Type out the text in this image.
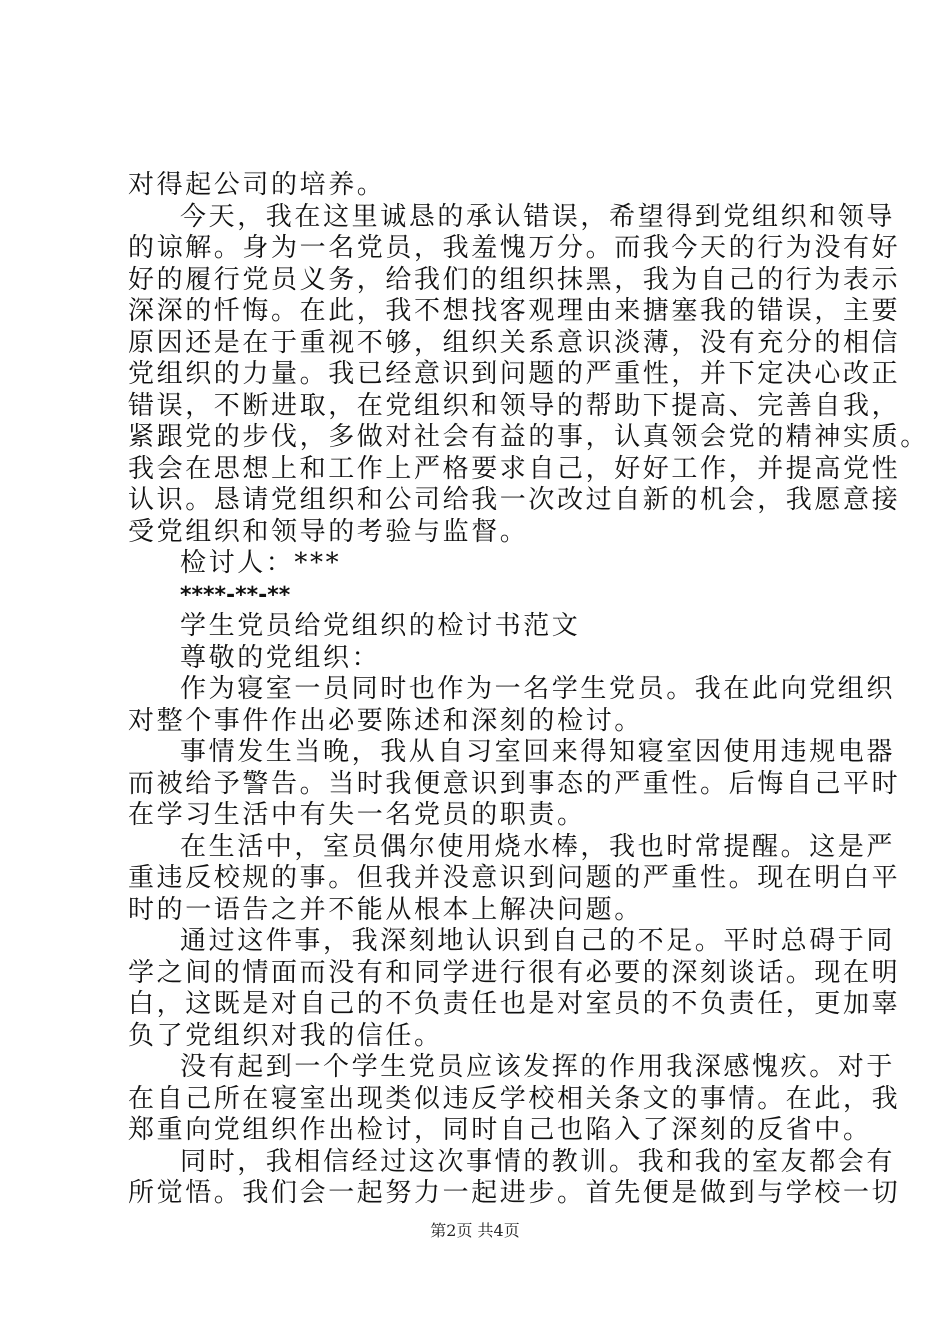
对得起公司的培养。
今天，我在这里诚恳的承认错误，希望得到党组织和领导
的谅解。身为一名党员，我羞愧万分。而我今天的行为没有好
好的履行党员义务，给我们的组织抹黑，我为自己的行为表示
深深的忏悔。在此，我不想找客观理由来搪塞我的错误，主要
原因还是在于重视不够，组织关系意识淡薄，没有充分的相信
党组织的力量。我已经意识到问题的严重性，并下定决心改正
错误，不断进取，在党组织和领导的帮助下提高、完善自我，
紧跟党的步伐，多做对社会有益的事，认真领会党的精神实质。
我会在思想上和工作上严格要求自己，好好工作，并提高党性
认识。恳请党组织和公司给我一次改过自新的机会，我愿意接
受党组织和领导的考验与监督。
检讨人：***
****-**-**
学生党员给党组织的检讨书范文
尊敬的党组织：
作为寝室一员同时也作为一名学生党员。我在此向党组织
对整个事件作出必要陈述和深刻的检讨。
事情发生当晚，我从自习室回来得知寝室因使用违规电器
而被给予警告。当时我便意识到事态的严重性。后悔自己平时
在学习生活中有失一名党员的职责。
在生活中，室员偶尔使用烧水棒，我也时常提醒。这是严
重违反校规的事。但我并没意识到问题的严重性。现在明白平
时的一语告之并不能从根本上解决问题。
通过这件事，我深刻地认识到自己的不足。平时总碍于同
学之间的情面而没有和同学进行很有必要的深刻谈话。现在明
白，这既是对自己的不负责任也是对室员的不负责任，更加辜
负了党组织对我的信任。
没有起到一个学生党员应该发挥的作用我深感愧疚。对于
在自己所在寝室出现类似违反学校相关条文的事情。在此，我
郑重向党组织作出检讨，同时自己也陷入了深刻的反省中。
同时，我相信经过这次事情的教训。我和我的室友都会有
所觉悟。我们会一起努力一起进步。首先便是做到与学校一切
第2页 共4页
